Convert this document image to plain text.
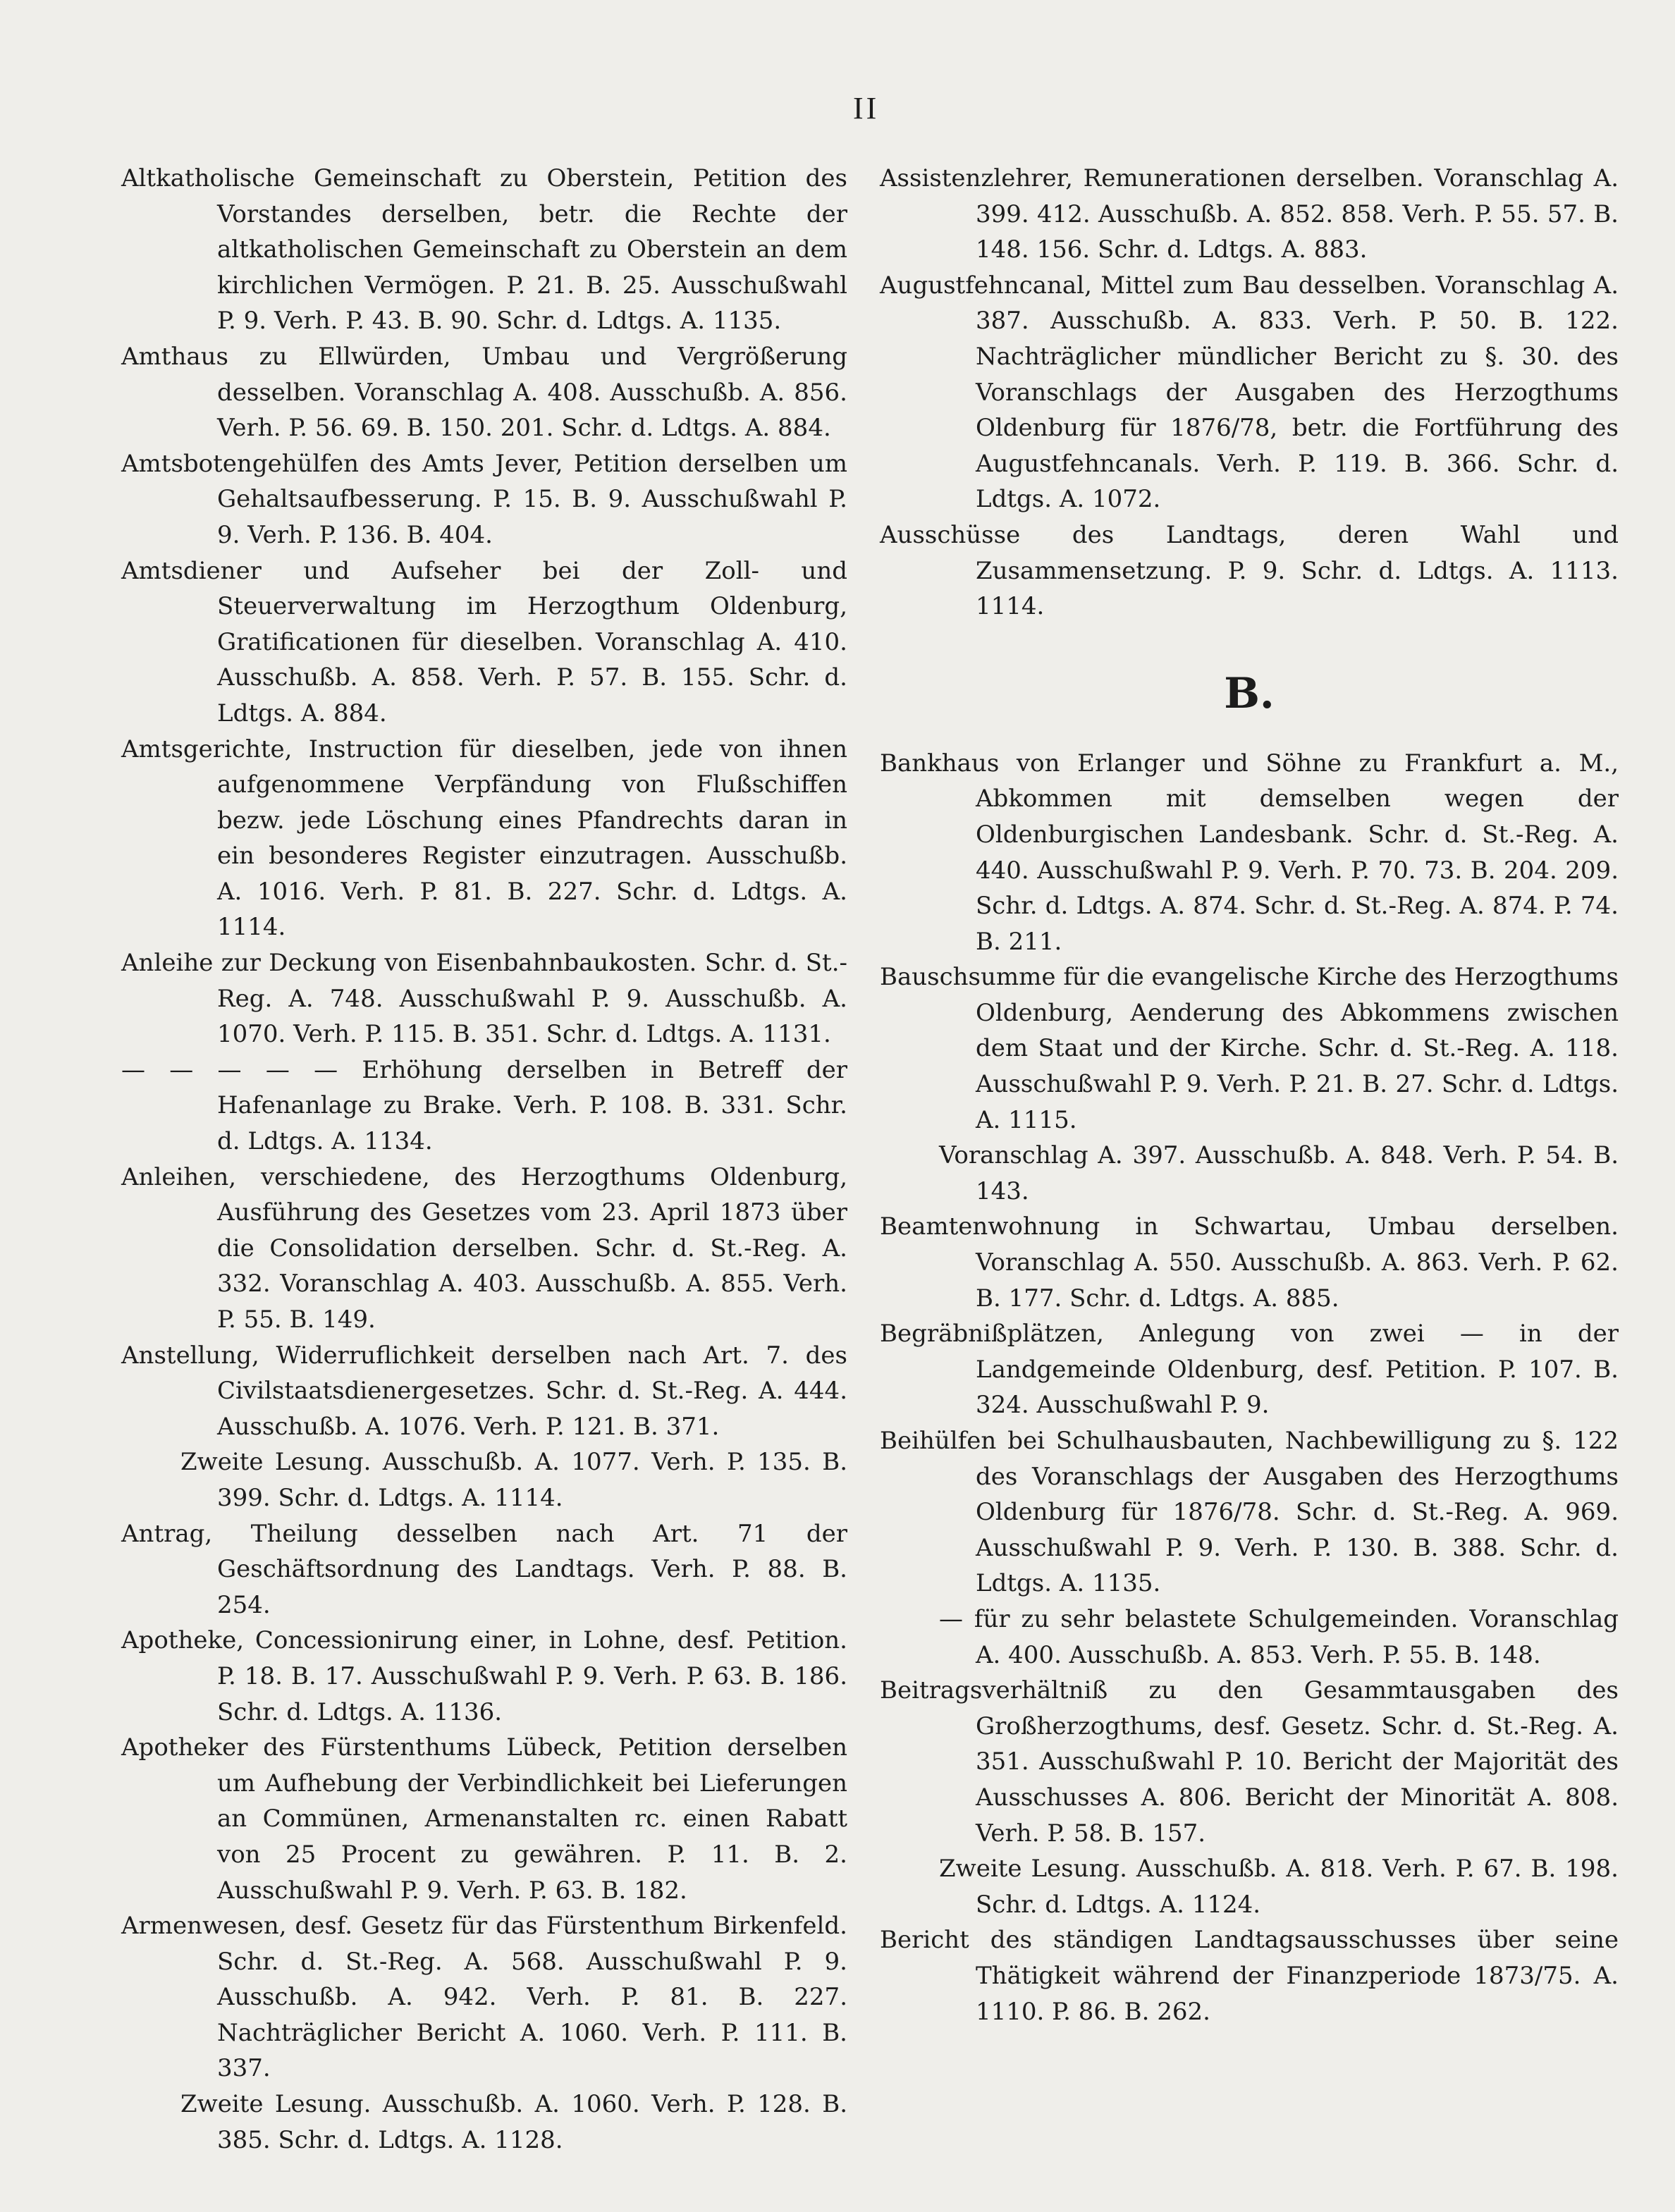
II
Altkatholische Gemeinschaft zu Oberstein, Petition des Vorstandes derselben, betr. die Rechte der altkatholischen Gemeinschaft zu Oberstein an dem kirchlichen Vermögen. P. 21. B. 25. Ausschußwahl P. 9. Verh. P. 43. B. 90. Schr. d. Ldtgs. A. 1135.
Amthaus zu Ellwürden, Umbau und Vergrößerung desselben. Voranschlag A. 408. Ausschußb. A. 856. Verh. P. 56. 69. B. 150. 201. Schr. d. Ldtgs. A. 884.
Amtsbotengehülfen des Amts Jever, Petition derselben um Gehaltsaufbesserung. P. 15. B. 9. Ausschußwahl P. 9. Verh. P. 136. B. 404.
Amtsdiener und Aufseher bei der Zoll- und Steuerverwaltung im Herzogthum Oldenburg, Gratificationen für dieselben. Voranschlag A. 410. Ausschußb. A. 858. Verh. P. 57. B. 155. Schr. d. Ldtgs. A. 884.
Amtsgerichte, Instruction für dieselben, jede von ihnen aufgenommene Verpfändung von Flußschiffen bezw. jede Löschung eines Pfandrechts daran in ein besonderes Register einzutragen. Ausschußb. A. 1016. Verh. P. 81. B. 227. Schr. d. Ldtgs. A. 1114.
Anleihe zur Deckung von Eisenbahnbaukosten. Schr. d. St.-Reg. A. 748. Ausschußwahl P. 9. Ausschußb. A. 1070. Verh. P. 115. B. 351. Schr. d. Ldtgs. A. 1131.
— — — — — Erhöhung derselben in Betreff der Hafenanlage zu Brake. Verh. P. 108. B. 331. Schr. d. Ldtgs. A. 1134.
Anleihen, verschiedene, des Herzogthums Oldenburg, Ausführung des Gesetzes vom 23. April 1873 über die Consolidation derselben. Schr. d. St.-Reg. A. 332. Voranschlag A. 403. Ausschußb. A. 855. Verh. P. 55. B. 149.
Anstellung, Widerruflichkeit derselben nach Art. 7. des Civilstaatsdienergesetzes. Schr. d. St.-Reg. A. 444. Ausschußb. A. 1076. Verh. P. 121. B. 371.
Zweite Lesung. Ausschußb. A. 1077. Verh. P. 135. B. 399. Schr. d. Ldtgs. A. 1114.
Antrag, Theilung desselben nach Art. 71 der Geschäftsordnung des Landtags. Verh. P. 88. B. 254.
Apotheke, Concessionirung einer, in Lohne, desf. Petition. P. 18. B. 17. Ausschußwahl P. 9. Verh. P. 63. B. 186. Schr. d. Ldtgs. A. 1136.
Apotheker des Fürstenthums Lübeck, Petition derselben um Aufhebung der Verbindlichkeit bei Lieferungen an Commünen, Armenanstalten rc. einen Rabatt von 25 Procent zu gewähren. P. 11. B. 2. Ausschußwahl P. 9. Verh. P. 63. B. 182.
Armenwesen, desf. Gesetz für das Fürstenthum Birkenfeld. Schr. d. St.-Reg. A. 568. Ausschußwahl P. 9. Ausschußb. A. 942. Verh. P. 81. B. 227. Nachträglicher Bericht A. 1060. Verh. P. 111. B. 337.
Zweite Lesung. Ausschußb. A. 1060. Verh. P. 128. B. 385. Schr. d. Ldtgs. A. 1128.
Assistenzlehrer, Remunerationen derselben. Voranschlag A. 399. 412. Ausschußb. A. 852. 858. Verh. P. 55. 57. B. 148. 156. Schr. d. Ldtgs. A. 883.
Augustfehncanal, Mittel zum Bau desselben. Voranschlag A. 387. Ausschußb. A. 833. Verh. P. 50. B. 122. Nachträglicher mündlicher Bericht zu §. 30. des Voranschlags der Ausgaben des Herzogthums Oldenburg für 1876/78, betr. die Fortführung des Augustfehncanals. Verh. P. 119. B. 366. Schr. d. Ldtgs. A. 1072.
Ausschüsse des Landtags, deren Wahl und Zusammensetzung. P. 9. Schr. d. Ldtgs. A. 1113. 1114.
B.
Bankhaus von Erlanger und Söhne zu Frankfurt a. M., Abkommen mit demselben wegen der Oldenburgischen Landesbank. Schr. d. St.-Reg. A. 440. Ausschußwahl P. 9. Verh. P. 70. 73. B. 204. 209. Schr. d. Ldtgs. A. 874. Schr. d. St.-Reg. A. 874. P. 74. B. 211.
Bauschsumme für die evangelische Kirche des Herzogthums Oldenburg, Aenderung des Abkommens zwischen dem Staat und der Kirche. Schr. d. St.-Reg. A. 118. Ausschußwahl P. 9. Verh. P. 21. B. 27. Schr. d. Ldtgs. A. 1115.
Voranschlag A. 397. Ausschußb. A. 848. Verh. P. 54. B. 143.
Beamtenwohnung in Schwartau, Umbau derselben. Voranschlag A. 550. Ausschußb. A. 863. Verh. P. 62. B. 177. Schr. d. Ldtgs. A. 885.
Begräbnißplätzen, Anlegung von zwei — in der Landgemeinde Oldenburg, desf. Petition. P. 107. B. 324. Ausschußwahl P. 9.
Beihülfen bei Schulhausbauten, Nachbewilligung zu §. 122 des Voranschlags der Ausgaben des Herzogthums Oldenburg für 1876/78. Schr. d. St.-Reg. A. 969. Ausschußwahl P. 9. Verh. P. 130. B. 388. Schr. d. Ldtgs. A. 1135.
— für zu sehr belastete Schulgemeinden. Voranschlag A. 400. Ausschußb. A. 853. Verh. P. 55. B. 148.
Beitragsverhältniß zu den Gesammtausgaben des Großherzogthums, desf. Gesetz. Schr. d. St.-Reg. A. 351. Ausschußwahl P. 10. Bericht der Majorität des Ausschusses A. 806. Bericht der Minorität A. 808. Verh. P. 58. B. 157.
Zweite Lesung. Ausschußb. A. 818. Verh. P. 67. B. 198. Schr. d. Ldtgs. A. 1124.
Bericht des ständigen Landtagsausschusses über seine Thätigkeit während der Finanzperiode 1873/75. A. 1110. P. 86. B. 262.
